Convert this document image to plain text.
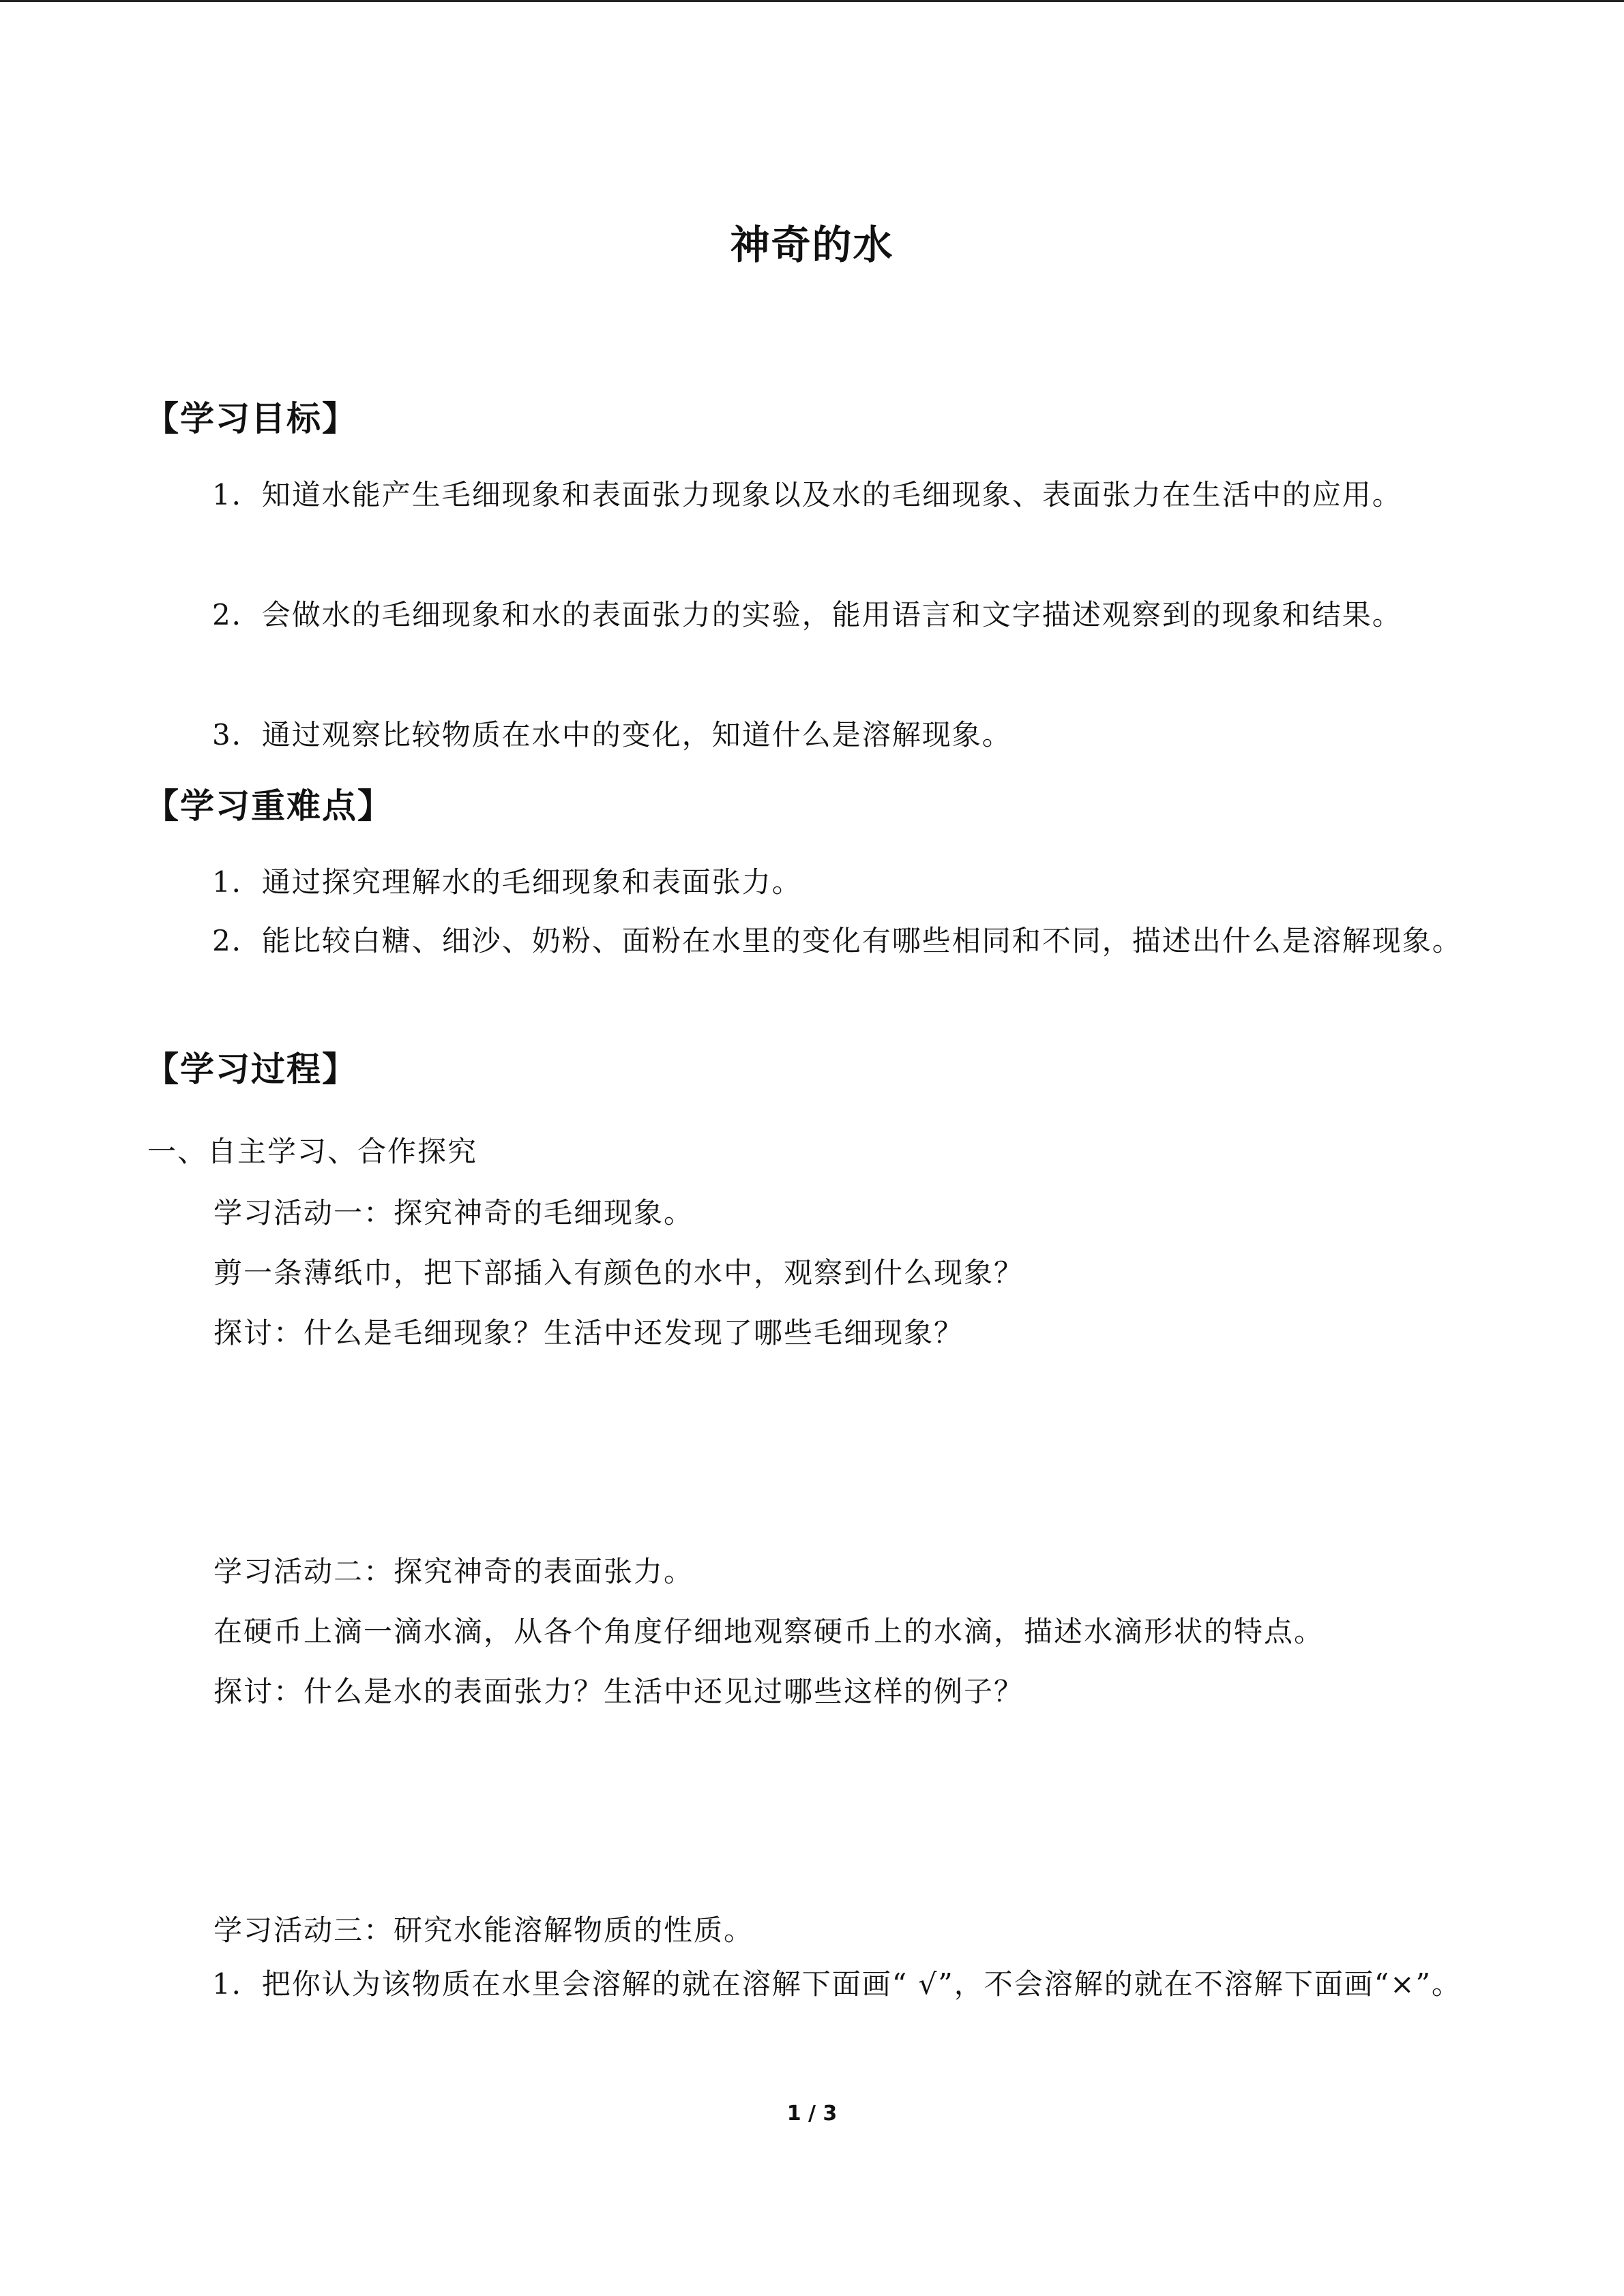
神奇的水
【学习目标】
1．知道水能产生毛细现象和表面张力现象以及水的毛细现象、表面张力在生活中的应用。
2．会做水的毛细现象和水的表面张力的实验，能用语言和文字描述观察到的现象和结果。
3．通过观察比较物质在水中的变化，知道什么是溶解现象。
【学习重难点】
1．通过探究理解水的毛细现象和表面张力。
2．能比较白糖、细沙、奶粉、面粉在水里的变化有哪些相同和不同，描述出什么是溶解现象。
【学习过程】
一、自主学习、合作探究
学习活动一：探究神奇的毛细现象。
剪一条薄纸巾，把下部插入有颜色的水中，观察到什么现象？
探讨：什么是毛细现象？生活中还发现了哪些毛细现象？
学习活动二：探究神奇的表面张力。
在硬币上滴一滴水滴，从各个角度仔细地观察硬币上的水滴，描述水滴形状的特点。
探讨：什么是水的表面张力？生活中还见过哪些这样的例子？
学习活动三：研究水能溶解物质的性质。
1．把你认为该物质在水里会溶解的就在溶解下面画“ √”，不会溶解的就在不溶解下面画“×”。
1 / 3
